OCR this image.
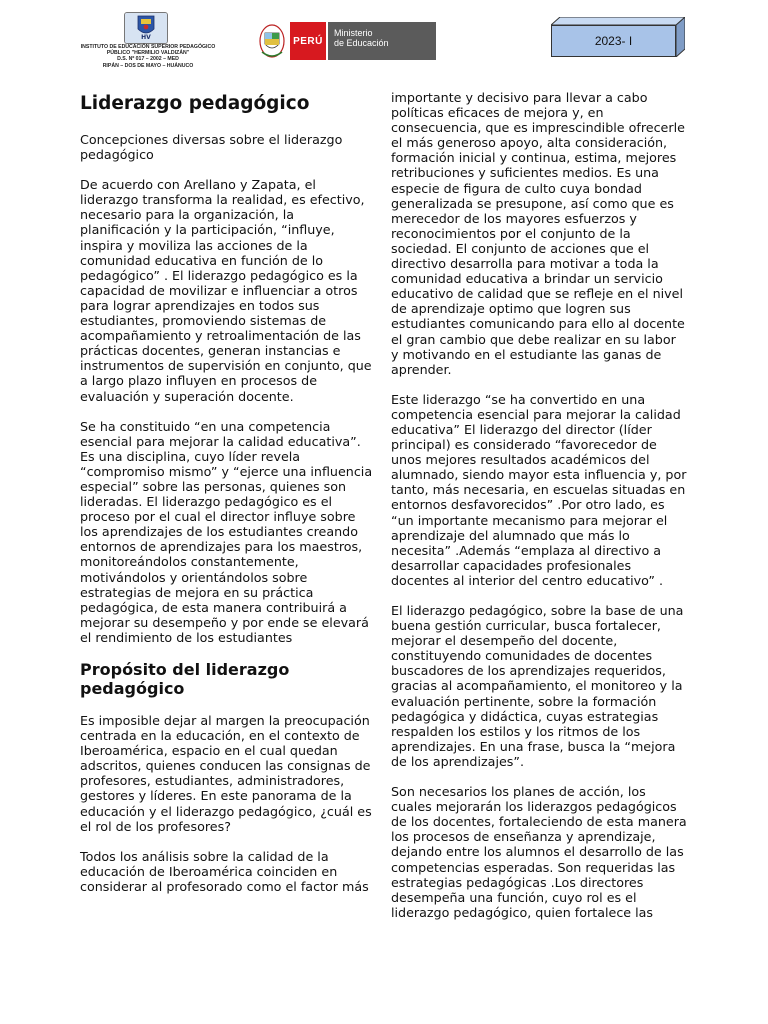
HV
INSTITUTO DE EDUCACIÓN SUPERIOR PEDAGÓGICO
PÚBLICO "HERMILIO VALDIZÁN"
D.S. Nº 017 – 2002 – MED
RIPÁN – DOS DE MAYO – HUÁNUCO
PERÚ
Ministerio
de Educación	2023- I
Liderazgo pedagógico

Concepciones diversas sobre el liderazgo pedagógico

De acuerdo con Arellano y Zapata, el liderazgo transforma la realidad, es efectivo, necesario para la organización, la planificación y la participación, “influye, inspira y moviliza las acciones de la comunidad educativa en función de lo pedagógico” . El liderazgo pedagógico es la capacidad de movilizar e influenciar a otros para lograr aprendizajes en todos sus estudiantes, promoviendo sistemas de acompañamiento y retroalimentación de las prácticas docentes, generan instancias e instrumentos de supervisión en conjunto, que a largo plazo influyen en procesos de evaluación y superación docente.

Se ha constituido “en una competencia esencial para mejorar la calidad educativa”. Es una disciplina, cuyo líder revela “compromiso mismo” y “ejerce una influencia especial” sobre las personas, quienes son lideradas. El liderazgo pedagógico es el proceso por el cual el director influye sobre los aprendizajes de los estudiantes creando entornos de aprendizajes para los maestros, monitoreándolos constantemente, motivándolos y orientándolos sobre estrategias de mejora en su práctica pedagógica, de esta manera contribuirá a mejorar su desempeño y por ende se elevará el rendimiento de los estudiantes

Propósito del liderazgo pedagógico

Es imposible dejar al margen la preocupación centrada en la educación, en el contexto de Iberoamérica, espacio en el cual quedan adscritos, quienes conducen las consignas de profesores, estudiantes, administradores, gestores y líderes. En este panorama de la educación y el liderazgo pedagógico, ¿cuál es el rol de los profesores?

Todos los análisis sobre la calidad de la educación de Iberoamérica coinciden en considerar al profesorado como el factor más

importante y decisivo para llevar a cabo políticas eficaces de mejora y, en consecuencia, que es imprescindible ofrecerle el más generoso apoyo, alta consideración, formación inicial y continua, estima, mejores retribuciones y suficientes medios. Es una especie de figura de culto cuya bondad generalizada se presupone, así como que es merecedor de los mayores esfuerzos y reconocimientos por el conjunto de la sociedad. El conjunto de acciones que el directivo desarrolla para motivar a toda la comunidad educativa a brindar un servicio educativo de calidad que se refleje en el nivel de aprendizaje optimo que logren sus estudiantes comunicando para ello al docente el gran cambio que debe realizar en su labor y motivando en el estudiante las ganas de aprender.

Este liderazgo “se ha convertido en una competencia esencial para mejorar la calidad educativa” El liderazgo del director (líder principal) es considerado “favorecedor de unos mejores resultados académicos del alumnado, siendo mayor esta influencia y, por tanto, más necesaria, en escuelas situadas en entornos desfavorecidos” .Por otro lado, es “un importante mecanismo para mejorar el aprendizaje del alumnado que más lo necesita” .Además “emplaza al directivo a desarrollar capacidades profesionales docentes al interior del centro educativo” .

El liderazgo pedagógico, sobre la base de una buena gestión curricular, busca fortalecer, mejorar el desempeño del docente, constituyendo comunidades de docentes buscadores de los aprendizajes requeridos, gracias al acompañamiento, el monitoreo y la evaluación pertinente, sobre la formación pedagógica y didáctica, cuyas estrategias respalden los estilos y los ritmos de los aprendizajes. En una frase, busca la “mejora de los aprendizajes”.

Son necesarios los planes de acción, los cuales mejorarán los liderazgos pedagógicos de los docentes, fortaleciendo de esta manera los procesos de enseñanza y aprendizaje, dejando entre los alumnos el desarrollo de las competencias esperadas. Son requeridas las estrategias pedagógicas .Los directores desempeña una función, cuyo rol es el liderazgo pedagógico, quien fortalece las
